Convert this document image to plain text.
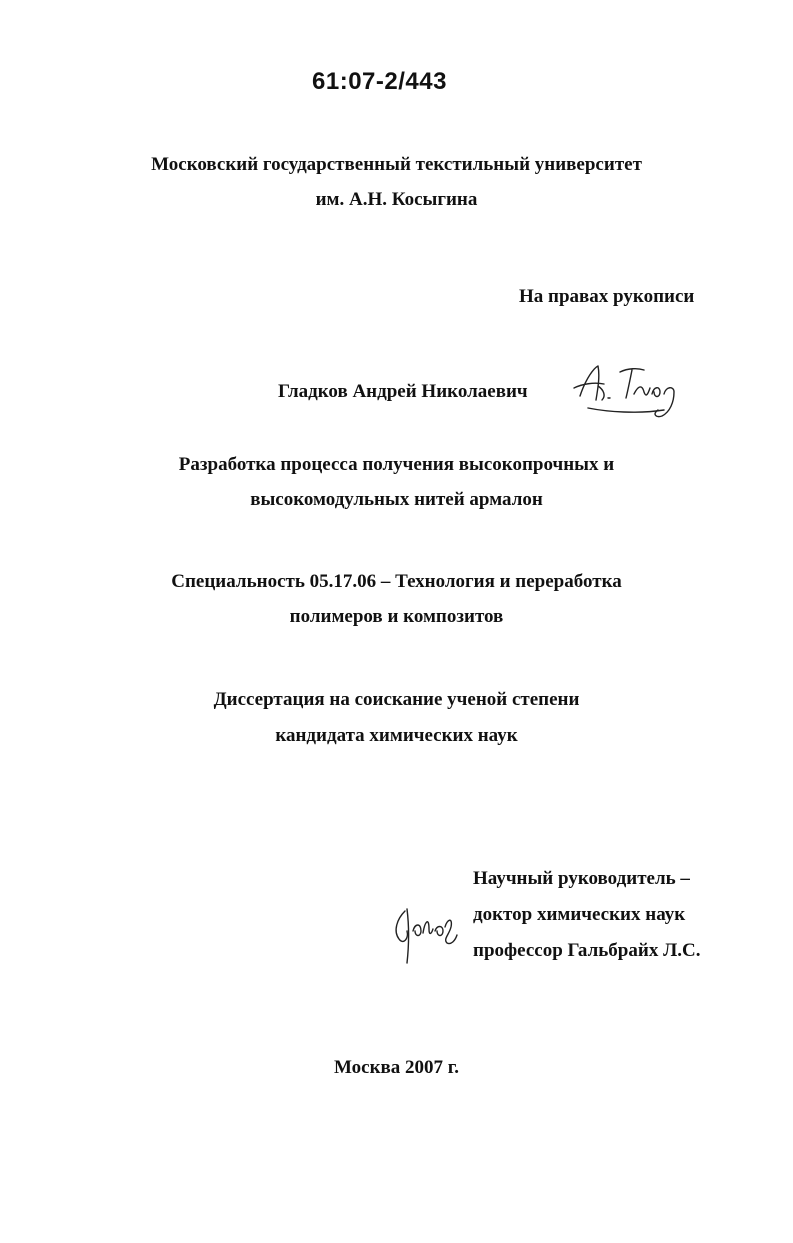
61:07-2/443
Московский государственный текстильный университет
им. А.Н. Косыгина
На правах рукописи
Гладков Андрей Николаевич
Разработка процесса получения высокопрочных и
высокомодульных нитей армалон
Специальность 05.17.06 – Технология и переработка
полимеров и композитов
Диссертация на соискание ученой степени
кандидата химических наук
Научный руководитель –
доктор химических наук
профессор Гальбрайх Л.С.
Москва 2007 г.
